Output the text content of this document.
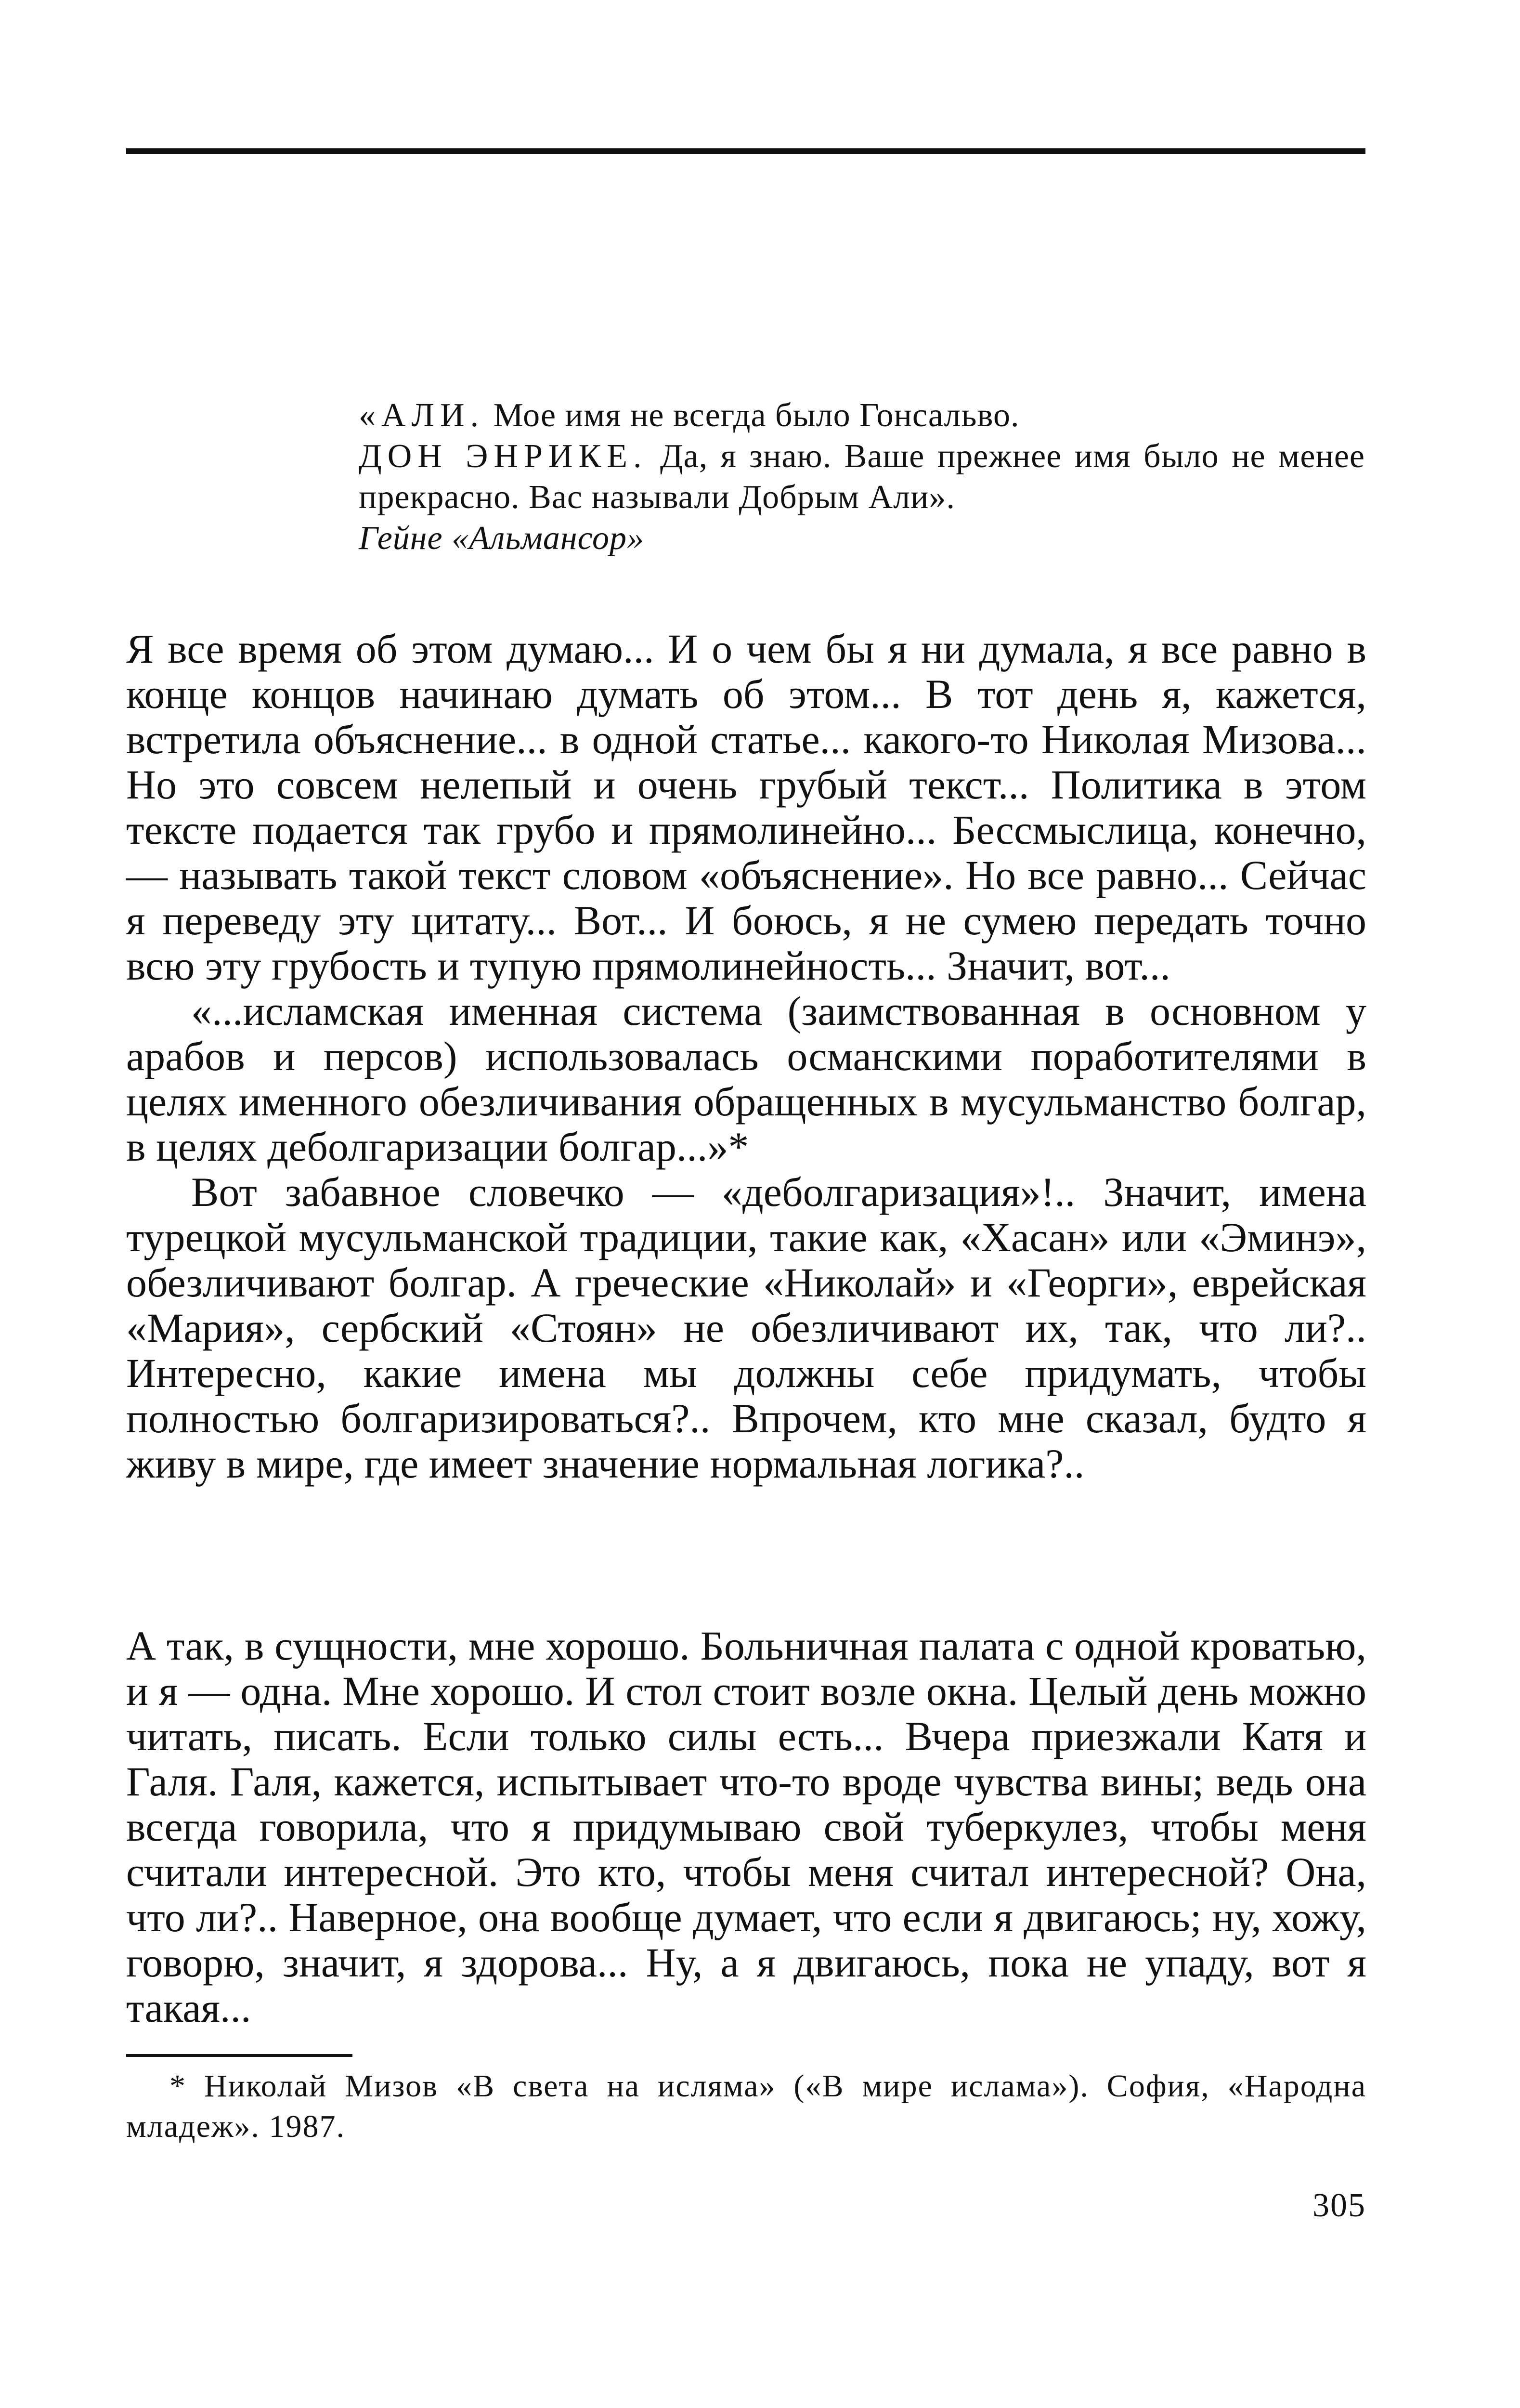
«АЛИ. Мое имя не всегда было Гонсальво.

ДОН ЭНРИКЕ. Да, я знаю. Ваше прежнее имя было не менее прекрасно. Вас называли Добрым Али».

Гейне «Альмансор»

Я все время об этом думаю... И о чем бы я ни думала, я все равно в конце концов начинаю думать об этом... В тот день я, кажется, встретила объяснение... в одной статье... какого-то Николая Мизова... Но это совсем нелепый и очень грубый текст... Политика в этом тексте подается так грубо и прямолинейно... Бессмыслица, конечно,— называть такой текст словом «объяснение». Но все равно... Сейчас я переведу эту цитату... Вот... И боюсь, я не сумею передать точно всю эту грубость и тупую прямолинейность... Значит, вот...

«...исламская именная система (заимствованная в основном у арабов и персов) использовалась османскими поработителями в целях именного обезличивания обращенных в мусульманство болгар, в целях деболгаризации болгар...»*

Вот забавное словечко — «деболгаризация»!.. Значит, имена турецкой мусульманской традиции, такие как, «Хасан» или «Эминэ», обезличивают болгар. А греческие «Николай» и «Георги», еврейская «Мария», сербский «Стоян» не обезличивают их, так, что ли?.. Интересно, какие имена мы должны себе придумать, чтобы полностью болгаризироваться?.. Впрочем, кто мне сказал, будто я живу в мире, где имеет значение нормальная логика?..

А так, в сущности, мне хорошо. Больничная палата с одной кроватью, и я — одна. Мне хорошо. И стол стоит возле окна. Целый день можно читать, писать. Если только силы есть... Вчера приезжали Катя и Галя. Галя, кажется, испытывает что-то вроде чувства вины; ведь она всегда говорила, что я придумываю свой туберкулез, чтобы меня считали интересной. Это кто, чтобы меня считал интересной? Она, что ли?.. Наверное, она вообще думает, что если я двигаюсь; ну, хожу, говорю, значит, я здорова... Ну, а я двигаюсь, пока не упаду, вот я такая...

* Николай Мизов «В света на исляма» («В мире ислама»). София, «Народна младеж». 1987.

305
